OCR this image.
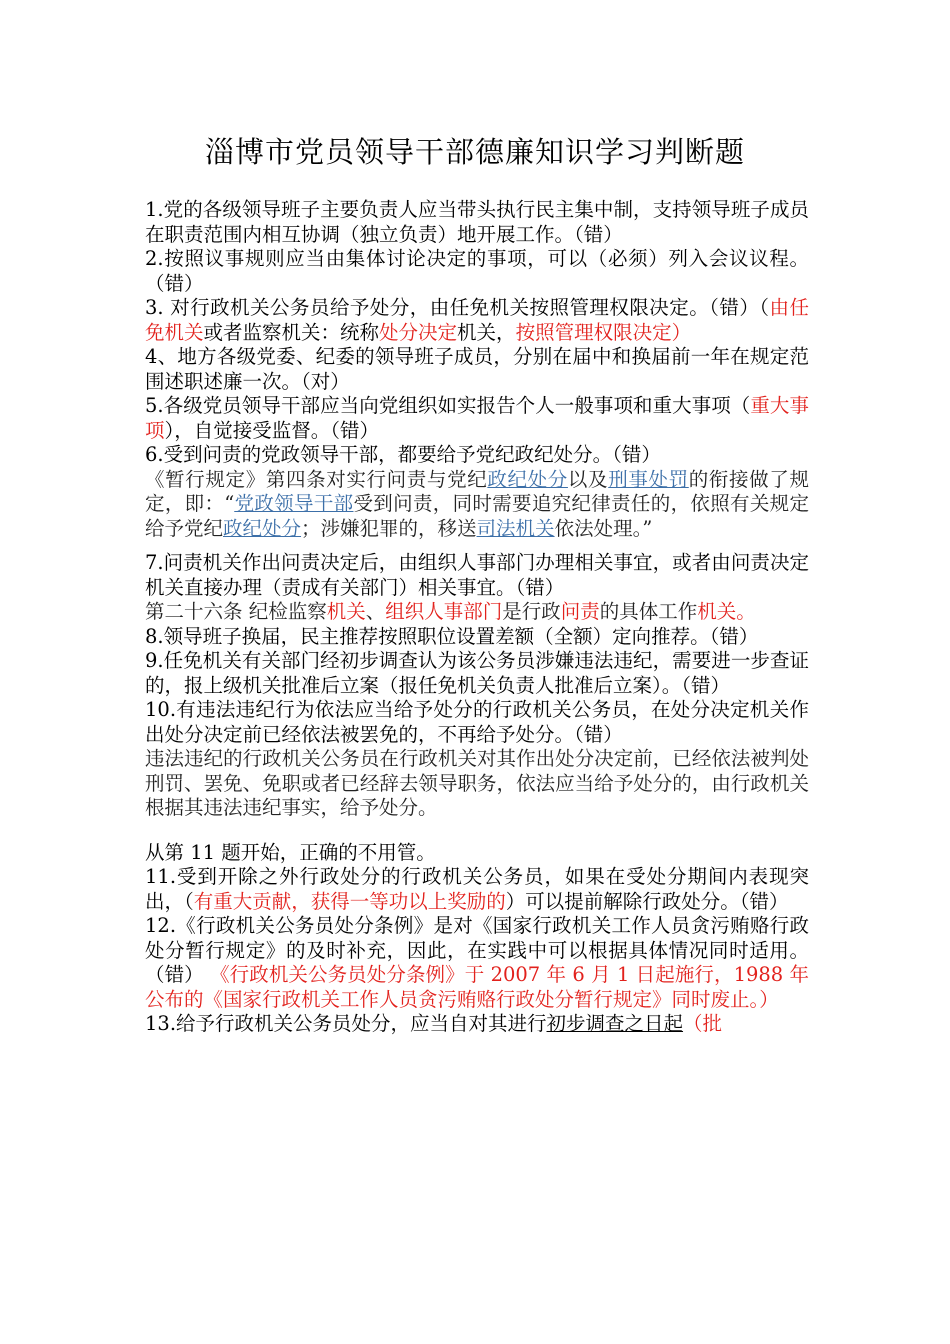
淄博市党员领导干部德廉知识学习判断题

1.党的各级领导班子主要负责人应当带头执行民主集中制，支持领导班子成员在职责范围内相互协调（独立负责）地开展工作。（错）

2.按照议事规则应当由集体讨论决定的事项，可以（必须）列入会议议程。（错）

3. 对行政机关公务员给予处分，由任免机关按照管理权限决定。（错）（由任免机关或者监察机关：统称处分决定机关，按照管理权限决定）

4、地方各级党委、纪委的领导班子成员，分别在届中和换届前一年在规定范围述职述廉一次。（对）

5.各级党员领导干部应当向党组织如实报告个人一般事项和重大事项（重大事项），自觉接受监督。（错）

6.受到问责的党政领导干部，都要给予党纪政纪处分。（错）

《暂行规定》第四条对实行问责与党纪政纪处分以及刑事处罚的衔接做了规定，即：“党政领导干部受到问责，同时需要追究纪律责任的，依照有关规定给予党纪政纪处分；涉嫌犯罪的，移送司法机关依法处理。”

7.问责机关作出问责决定后，由组织人事部门办理相关事宜，或者由问责决定机关直接办理（责成有关部门）相关事宜。（错）

第二十六条 纪检监察机关、组织人事部门是行政问责的具体工作机关。

8.领导班子换届，民主推荐按照职位设置差额（全额）定向推荐。（错）

9.任免机关有关部门经初步调查认为该公务员涉嫌违法违纪，需要进一步查证的，报上级机关批准后立案（报任免机关负责人批准后立案）。（错）

10.有违法违纪行为依法应当给予处分的行政机关公务员，在处分决定机关作出处分决定前已经依法被罢免的，不再给予处分。（错）

违法违纪的行政机关公务员在行政机关对其作出处分决定前，已经依法被判处刑罚、罢免、免职或者已经辞去领导职务，依法应当给予处分的，由行政机关根据其违法违纪事实，给予处分。

从第 11 题开始，正确的不用管。

11.受到开除之外行政处分的行政机关公务员，如果在受处分期间内表现突出，（有重大贡献，获得一等功以上奖励的）可以提前解除行政处分。（错）

12.《行政机关公务员处分条例》是对《国家行政机关工作人员贪污贿赂行政处分暂行规定》的及时补充，因此，在实践中可以根据具体情况同时适用。（错） 《行政机关公务员处分条例》于 2007 年 6 月 1 日起施行，1988 年公布的《国家行政机关工作人员贪污贿赂行政处分暂行规定》同时废止。）

13.给予行政机关公务员处分，应当自对其进行初步调查之日起（批
